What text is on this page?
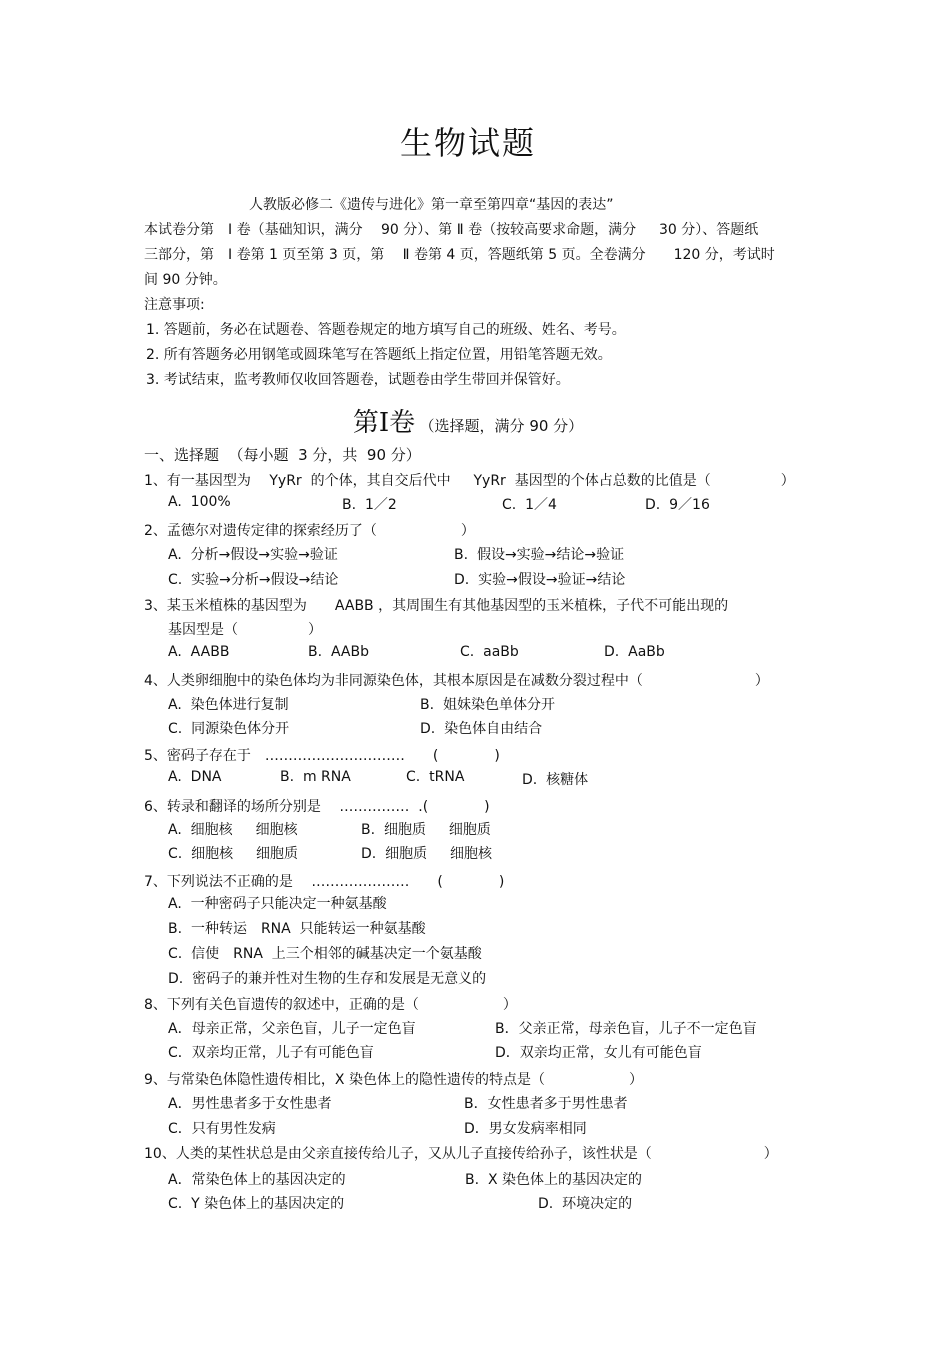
生物试题
人教版必修二《遗传与进化》第一章至第四章“基因的表达”
本试卷分第　Ⅰ 卷（基础知识，满分　 90 分）、第 Ⅱ 卷（按较高要求命题，满分　  30 分）、答题纸
三部分，第　Ⅰ 卷第 1 页至第 3 页，第　 Ⅱ 卷第 4 页，答题纸第 5 页。全卷满分　　120 分，考试时
间 90 分钟。
注意事项:
1. 答题前，务必在试题卷、答题卷规定的地方填写自己的班级、姓名、考号。
2. 所有答题务必用钢笔或圆珠笔写在答题纸上指定位置，用铅笔答题无效。
3. 考试结束，监考教师仅收回答题卷，试题卷由学生带回并保管好。
第Ⅰ卷 （选择题，满分 90 分）
一、选择题  （每小题  3 分，共  90 分）
1、有一基因型为　 YyRr  的个体，其自交后代中　  YyRr  基因型的个体占总数的比值是（　　　　　）
A.  100%	B.  1／2	C.  1／4	D.  9／16
2、孟德尔对遗传定律的探索经历了（　　　　　　）
A.  分析→假设→实验→验证	B.  假设→实验→结论→验证
C.  实验→分析→假设→结论	D.  实验→假设→验证→结论
3、某玉米植株的基因型为　　AABB ，其周围生有其他基因型的玉米植株，子代不可能出现的
基因型是（　　　　　）
A.  AABB	B.  AABb	C.  aaBb	D.  AaBb
4、人类卵细胞中的染色体均为非同源染色体，其根本原因是在减数分裂过程中（　　　　　　　　）
A.  染色体进行复制	B.  姐妹染色单体分开
C.  同源染色体分开	D.  染色体自由结合
5、密码子存在于　…………………………　　(　　　　)
A.  DNA	B.  m RNA	C.  tRNA	D.  核糖体
6、转录和翻译的场所分别是　 ……………  .(　　　　)
A.  细胞核　  细胞核	B.  细胞质　  细胞质
C.  细胞核　  细胞质	D.  细胞质　  细胞核
7、下列说法不正确的是　 …………………　　(　　　　)
A.  一种密码子只能决定一种氨基酸
B.  一种转运　RNA  只能转运一种氨基酸
C.  信使　RNA  上三个相邻的碱基决定一个氨基酸
D.  密码子的兼并性对生物的生存和发展是无意义的
8、下列有关色盲遗传的叙述中，正确的是（　　　　　　）
A．母亲正常，父亲色盲，儿子一定色盲	B．父亲正常，母亲色盲，儿子不一定色盲
C．双亲均正常，儿子有可能色盲	D．双亲均正常，女儿有可能色盲
9、与常染色体隐性遗传相比，X 染色体上的隐性遗传的特点是（　　　　　　）
A．男性患者多于女性患者	B．女性患者多于男性患者
C．只有男性发病	D．男女发病率相同
10、人类的某性状总是由父亲直接传给儿子，又从儿子直接传给孙子，该性状是（　　　　　　　　）
A．常染色体上的基因决定的	B.  X 染色体上的基因决定的
C.  Y 染色体上的基因决定的	D.  环境决定的
